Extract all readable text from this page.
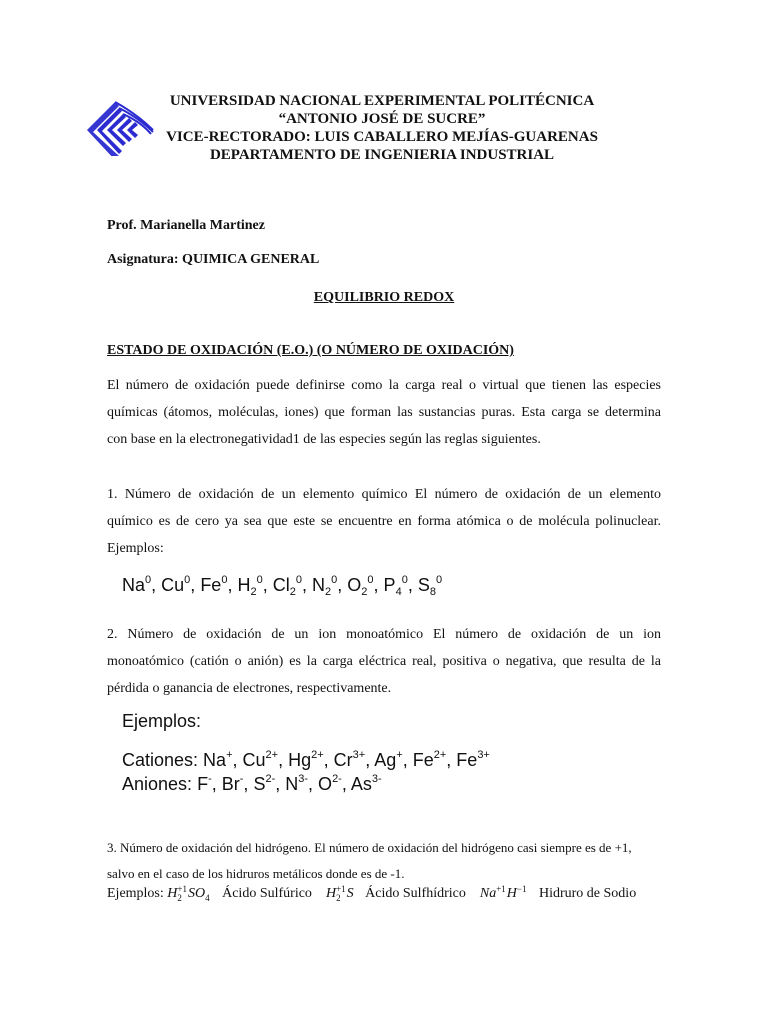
UNIVERSIDAD NACIONAL EXPERIMENTAL POLITÉCNICA
“ANTONIO JOSÉ DE SUCRE”
VICE-RECTORADO: LUIS CABALLERO MEJÍAS-GUARENAS
DEPARTAMENTO DE INGENIERIA INDUSTRIAL
Prof. Marianella Martinez
Asignatura: QUIMICA GENERAL
EQUILIBRIO REDOX
ESTADO DE OXIDACIÓN (E.O.) (O NÚMERO DE OXIDACIÓN)
El número de oxidación puede definirse como la carga real o virtual que tienen las especies
químicas (átomos, moléculas, iones) que forman las sustancias puras. Esta carga se determina
con base en la electronegatividad1 de las especies según las reglas siguientes.
1. Número de oxidación de un elemento químico El número de oxidación de un elemento
químico es de cero ya sea que este se encuentre en forma atómica o de molécula polinuclear.
Ejemplos:
Na$^0$, Cu$^0$, Fe$^0$, $H_2^0$, $Cl_2^0$, $N_2^0$, $O_2^0$, $P_4^0$, $S_8^0$
2. Número de oxidación de un ion monoatómico El número de oxidación de un ion
monoatómico (catión o anión) es la carga eléctrica real, positiva o negativa, que resulta de la
pérdida o ganancia de electrones, respectivamente.
Ejemplos:
Cationes: Na+, $Cu^{2+}$, $Hg^{2+}$, $Cr^{3+}$, Ag+, $Fe^{2+}$, $Fe^{3+}$
Aniones: F-, Br-, $S^{2-}$, $N^{3-}$, $O^{2-}$, $As^{3-}$
3. Número de oxidación del hidrógeno. El número de oxidación del hidrógeno casi siempre es de +1,
salvo en el caso de los hidruros metálicos donde es de -1.
Ejemplos: H +1
2 SO
4 Ácido Sulfúrico H +1
2 S Ácido Sulfhídrico Na +1
H −1
Hidruro de Sodio
